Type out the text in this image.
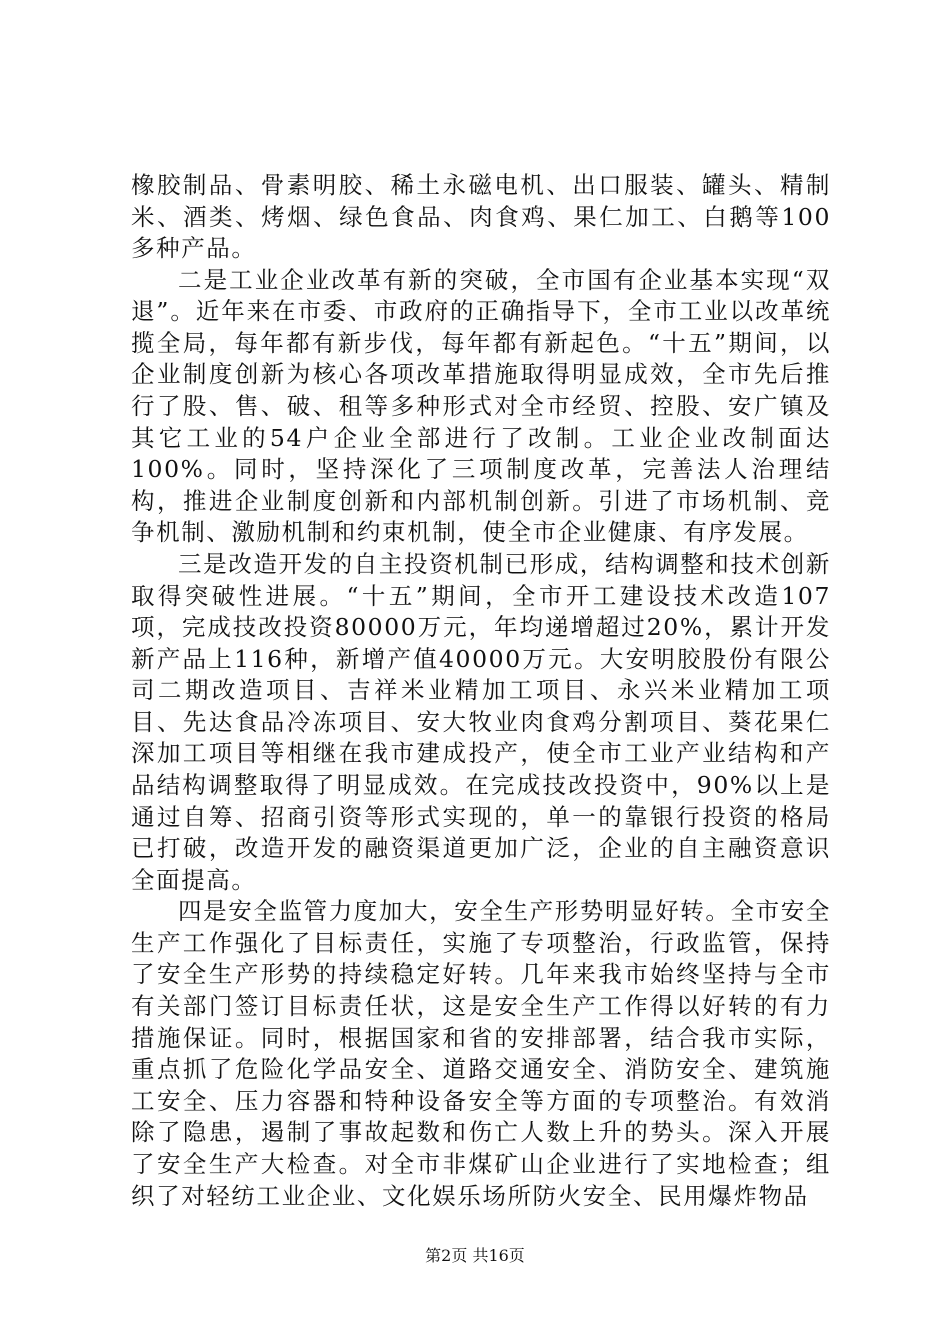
橡胶制品、骨素明胶、稀土永磁电机、出口服装、罐头、精制米、酒类、烤烟、绿色食品、肉食鸡、果仁加工、白鹅等100多种产品。

二是工业企业改革有新的突破，全市国有企业基本实现“双退”。近年来在市委、市政府的正确指导下，全市工业以改革统揽全局，每年都有新步伐，每年都有新起色。“十五”期间，以企业制度创新为核心各项改革措施取得明显成效，全市先后推行了股、售、破、租等多种形式对全市经贸、控股、安广镇及其它工业的54户企业全部进行了改制。工业企业改制面达100%。同时，坚持深化了三项制度改革，完善法人治理结构，推进企业制度创新和内部机制创新。引进了市场机制、竞争机制、激励机制和约束机制，使全市企业健康、有序发展。

三是改造开发的自主投资机制已形成，结构调整和技术创新取得突破性进展。“十五”期间，全市开工建设技术改造107项，完成技改投资80000万元，年均递增超过20%，累计开发新产品上116种，新增产值40000万元。大安明胶股份有限公司二期改造项目、吉祥米业精加工项目、永兴米业精加工项目、先达食品冷冻项目、安大牧业肉食鸡分割项目、葵花果仁深加工项目等相继在我市建成投产，使全市工业产业结构和产品结构调整取得了明显成效。在完成技改投资中，90%以上是通过自筹、招商引资等形式实现的，单一的靠银行投资的格局已打破，改造开发的融资渠道更加广泛，企业的自主融资意识全面提高。

四是安全监管力度加大，安全生产形势明显好转。全市安全生产工作强化了目标责任，实施了专项整治，行政监管，保持了安全生产形势的持续稳定好转。几年来我市始终坚持与全市有关部门签订目标责任状，这是安全生产工作得以好转的有力措施保证。同时，根据国家和省的安排部署，结合我市实际，重点抓了危险化学品安全、道路交通安全、消防安全、建筑施工安全、压力容器和特种设备安全等方面的专项整治。有效消除了隐患，遏制了事故起数和伤亡人数上升的势头。深入开展了安全生产大检查。对全市非煤矿山企业进行了实地检查；组织了对轻纺工业企业、文化娱乐场所防火安全、民用爆炸物品

第2页 共16页
